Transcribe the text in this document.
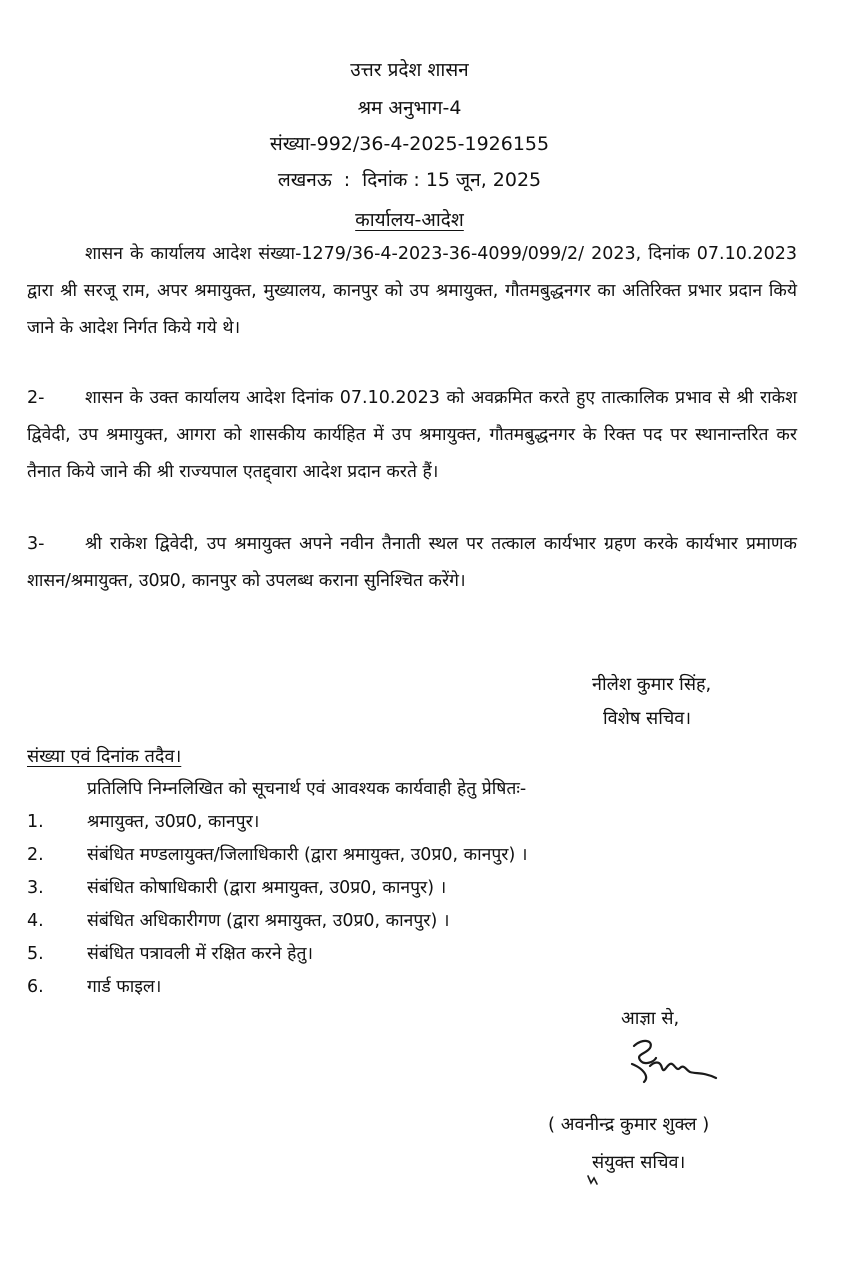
उत्तर प्रदेश शासन
श्रम अनुभाग-4
संख्या-992/36-4-2025-1926155
लखनऊ  :  दिनांक : 15 जून, 2025
कार्यालय-आदेश
शासन के कार्यालय आदेश संख्या-1279/36-4-2023-36-4099/099/2/ 2023, दिनांक 07.10.2023 द्वारा श्री सरजू राम, अपर श्रमायुक्त, मुख्यालय, कानपुर को उप श्रमायुक्त, गौतमबुद्धनगर का अतिरिक्त प्रभार प्रदान किये जाने के आदेश निर्गत किये गये थे।
2- शासन के उक्त कार्यालय आदेश दिनांक 07.10.2023 को अवक्रमित करते हुए तात्कालिक प्रभाव से श्री राकेश द्विवेदी, उप श्रमायुक्त, आगरा को शासकीय कार्यहित में उप श्रमायुक्त, गौतमबुद्धनगर के रिक्त पद पर स्थानान्तरित कर तैनात किये जाने की श्री राज्यपाल एतद्द्वारा आदेश प्रदान करते हैं।
3- श्री राकेश द्विवेदी, उप श्रमायुक्त अपने नवीन तैनाती स्थल पर तत्काल कार्यभार ग्रहण करके कार्यभार प्रमाणक शासन/श्रमायुक्त, उ0प्र0, कानपुर को उपलब्ध कराना सुनिश्चित करेंगे।
नीलेश कुमार सिंह,
विशेष सचिव।
संख्या एवं दिनांक तदैव।
प्रतिलिपि निम्नलिखित को सूचनार्थ एवं आवश्यक कार्यवाही हेतु प्रेषितः-
1.	श्रमायुक्त, उ0प्र0, कानपुर।
2.	संबंधित मण्डलायुक्त/जिलाधिकारी (द्वारा श्रमायुक्त, उ0प्र0, कानपुर) ।
3.	संबंधित कोषाधिकारी (द्वारा श्रमायुक्त, उ0प्र0, कानपुर) ।
4.	संबंधित अधिकारीगण (द्वारा श्रमायुक्त, उ0प्र0, कानपुर) ।
5.	संबंधित पत्रावली में रक्षित करने हेतु।
6.	गार्ड फाइल।
आज्ञा से,
( अवनीन्द्र कुमार शुक्ल )
संयुक्त सचिव।
